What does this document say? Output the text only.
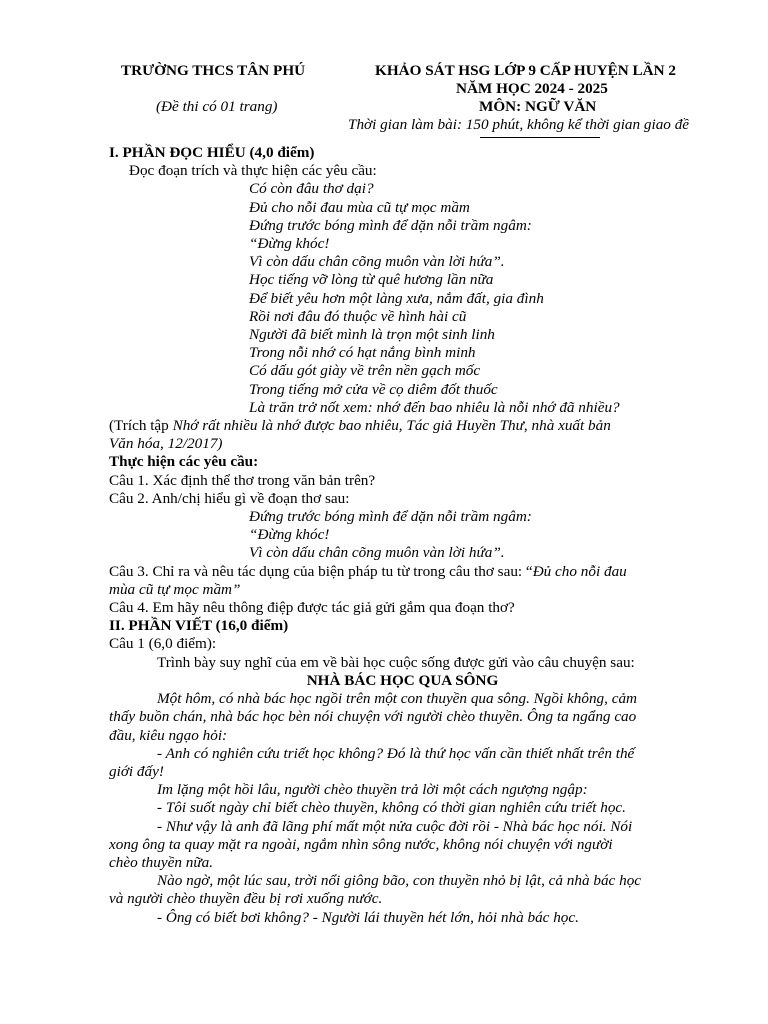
TRƯỜNG THCS TÂN PHÚ	KHẢO SÁT HSG LỚP 9 CẤP HUYỆN LẦN 2
NĂM HỌC 2024 - 2025
(Đề thi có 01 trang)	MÔN: NGỮ VĂN
Thời gian làm bài: 150 phút, không kể thời gian giao đề
I. PHẦN ĐỌC HIỂU (4,0 điểm)
Đọc đoạn trích và thực hiện các yêu cầu:
Có còn đâu thơ dại?
Đủ cho nỗi đau mùa cũ tự mọc mầm
Đứng trước bóng mình để dặn nỗi trầm ngâm:
“Đừng khóc!
Vì còn dấu chân cõng muôn vàn lời hứa”.
Học tiếng vỡ lòng từ quê hương lần nữa
Để biết yêu hơn một làng xưa, nắm đất, gia đình
Rồi nơi đâu đó thuộc về hình hài cũ
Người đã biết mình là trọn một sinh linh
Trong nỗi nhớ có hạt nắng bình minh
Có dấu gót giày về trên nền gạch mốc
Trong tiếng mở cửa về cọ diêm đốt thuốc
Là trăn trở nốt xem: nhớ đến bao nhiêu là nỗi nhớ đã nhiều?
(Trích tập Nhớ rất nhiều là nhớ được bao nhiêu, Tác giả Huyền Thư, nhà xuất bản
Văn hóa, 12/2017)
Thực hiện các yêu cầu:
Câu 1. Xác định thể thơ trong văn bản trên?
Câu 2. Anh/chị hiểu gì về đoạn thơ sau:
Đứng trước bóng mình để dặn nỗi trầm ngâm:
“Đừng khóc!
Vì còn dấu chân cõng muôn vàn lời hứa”.
Câu 3. Chỉ ra và nêu tác dụng của biện pháp tu từ trong câu thơ sau: “Đủ cho nỗi đau
mùa cũ tự mọc mầm”
Câu 4. Em hãy nêu thông điệp được tác giả gửi gắm qua đoạn thơ?
II. PHẦN VIẾT (16,0 điểm)
Câu 1 (6,0 điểm):
Trình bày suy nghĩ của em về bài học cuộc sống được gửi vào câu chuyện sau:
NHÀ BÁC HỌC QUA SÔNG
Một hôm, có nhà bác học ngồi trên một con thuyền qua sông. Ngồi không, cảm
thấy buồn chán, nhà bác học bèn nói chuyện với người chèo thuyền. Ông ta ngẩng cao
đầu, kiêu ngạo hỏi:
- Anh có nghiên cứu triết học không? Đó là thứ học vấn cần thiết nhất trên thế
giới đấy!
Im lặng một hồi lâu, người chèo thuyền trả lời một cách ngượng ngập:
- Tôi suốt ngày chỉ biết chèo thuyền, không có thời gian nghiên cứu triết học.
- Như vậy là anh đã lãng phí mất một nửa cuộc đời rồi - Nhà bác học nói. Nói
xong ông ta quay mặt ra ngoài, ngắm nhìn sông nước, không nói chuyện với người
chèo thuyền nữa.
Nào ngờ, một lúc sau, trời nổi giông bão, con thuyền nhỏ bị lật, cả nhà bác học
và người chèo thuyền đều bị rơi xuống nước.
- Ông có biết bơi không? - Người lái thuyền hét lớn, hỏi nhà bác học.
